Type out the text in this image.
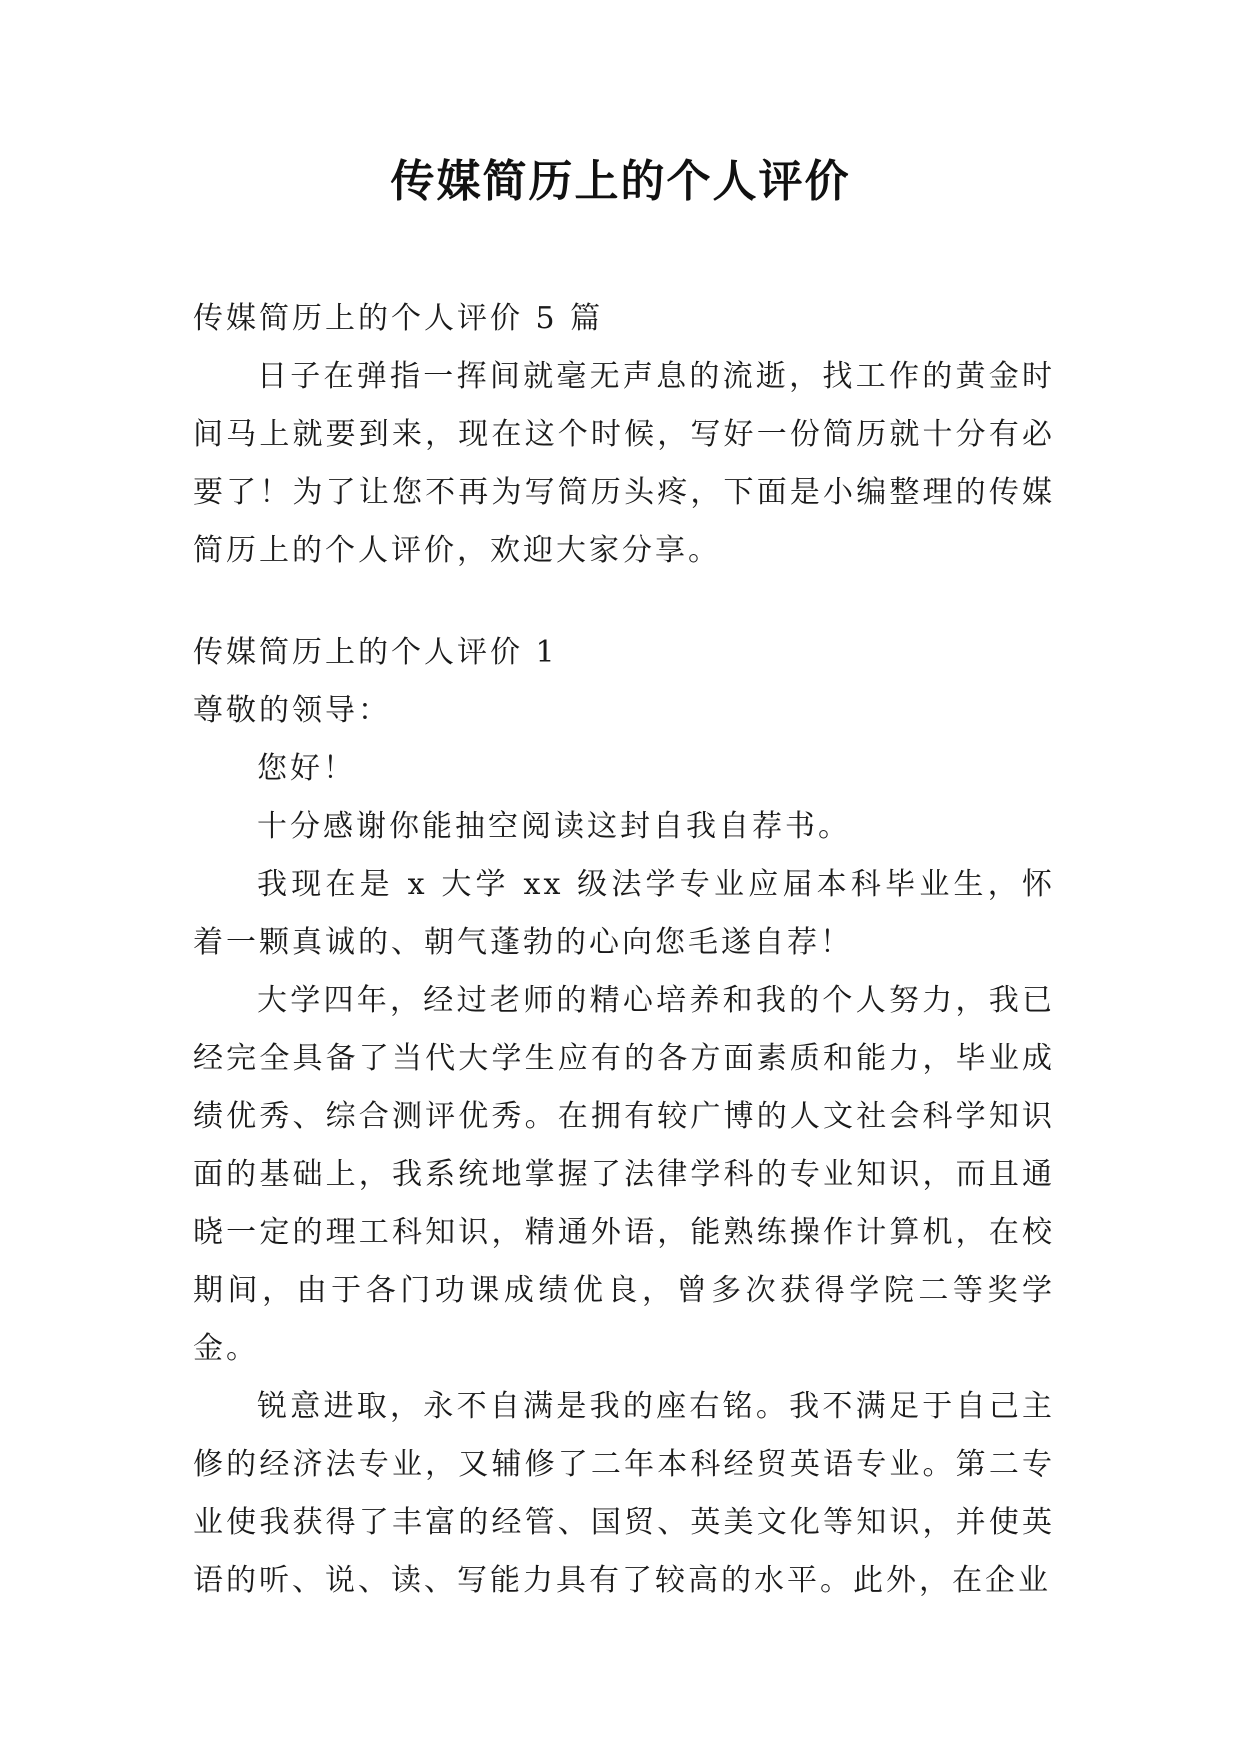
传媒简历上的个人评价

传媒简历上的个人评价 5 篇

日子在弹指一挥间就毫无声息的流逝，找工作的黄金时间马上就要到来，现在这个时候，写好一份简历就十分有必要了！为了让您不再为写简历头疼，下面是小编整理的传媒简历上的个人评价，欢迎大家分享。

传媒简历上的个人评价 1

尊敬的领导：

您好！

十分感谢你能抽空阅读这封自我自荐书。

我现在是 x 大学 xx 级法学专业应届本科毕业生，怀着一颗真诚的、朝气蓬勃的心向您毛遂自荐！

大学四年，经过老师的精心培养和我的个人努力，我已经完全具备了当代大学生应有的各方面素质和能力，毕业成绩优秀、综合测评优秀。在拥有较广博的人文社会科学知识面的基础上，我系统地掌握了法律学科的专业知识，而且通晓一定的理工科知识，精通外语，能熟练操作计算机，在校期间，由于各门功课成绩优良，曾多次获得学院二等奖学金。

锐意进取，永不自满是我的座右铭。我不满足于自己主修的经济法专业，又辅修了二年本科经贸英语专业。第二专业使我获得了丰富的经管、国贸、英美文化等知识，并使英语的听、说、读、写能力具有了较高的水平。此外，在企业
